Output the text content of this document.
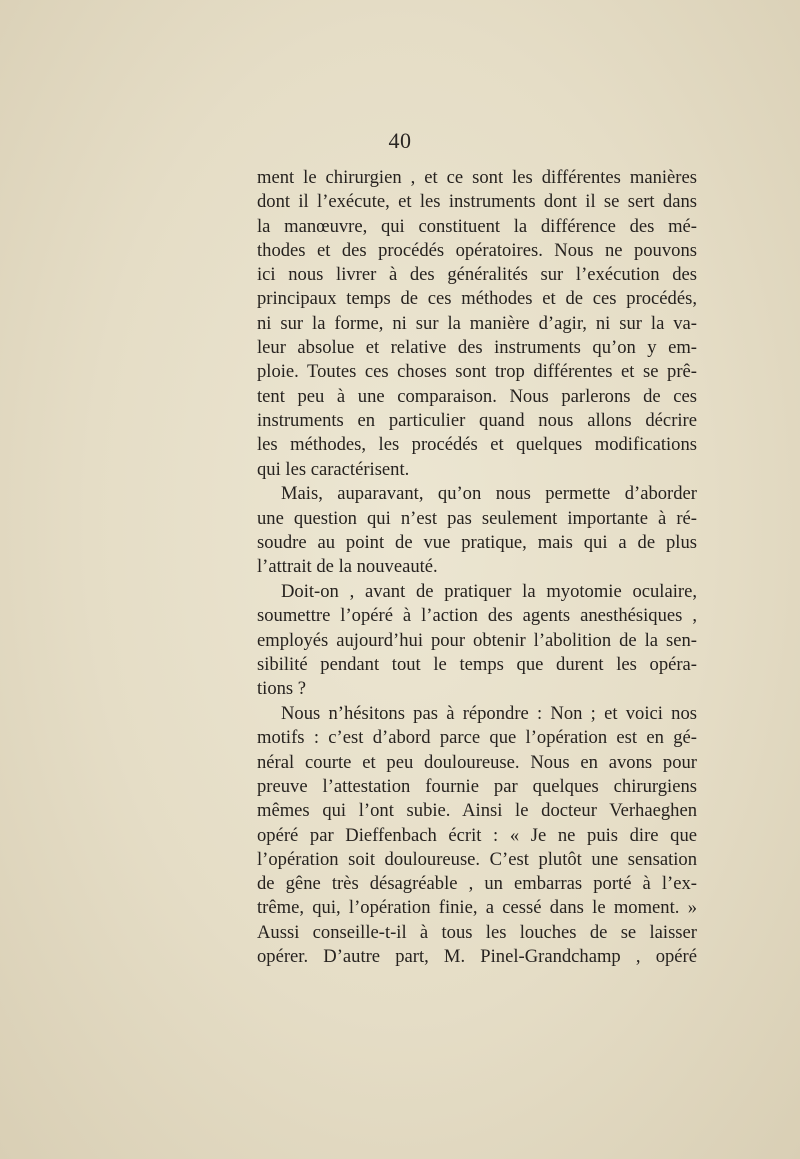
40
ment le chirurgien , et ce sont les différentes manières
dont il l’exécute, et les instruments dont il se sert dans
la manœuvre, qui constituent la différence des mé-
thodes et des procédés opératoires. Nous ne pouvons
ici nous livrer à des généralités sur l’exécution des
principaux temps de ces méthodes et de ces procédés,
ni sur la forme, ni sur la manière d’agir, ni sur la va-
leur absolue et relative des instruments qu’on y em-
ploie. Toutes ces choses sont trop différentes et se prê-
tent peu à une comparaison. Nous parlerons de ces
instruments en particulier quand nous allons décrire
les méthodes, les procédés et quelques modifications
qui les caractérisent.
Mais, auparavant, qu’on nous permette d’aborder
une question qui n’est pas seulement importante à ré-
soudre au point de vue pratique, mais qui a de plus
l’attrait de la nouveauté.
Doit-on , avant de pratiquer la myotomie oculaire,
soumettre l’opéré à l’action des agents anesthésiques ,
employés aujourd’hui pour obtenir l’abolition de la sen-
sibilité pendant tout le temps que durent les opéra-
tions ?
Nous n’hésitons pas à répondre : Non ; et voici nos
motifs : c’est d’abord parce que l’opération est en gé-
néral courte et peu douloureuse. Nous en avons pour
preuve l’attestation fournie par quelques chirurgiens
mêmes qui l’ont subie. Ainsi le docteur Verhaeghen
opéré par Dieffenbach écrit : « Je ne puis dire que
l’opération soit douloureuse. C’est plutôt une sensation
de gêne très désagréable , un embarras porté à l’ex-
trême, qui, l’opération finie, a cessé dans le moment. »
Aussi conseille-t-il à tous les louches de se laisser
opérer. D’autre part, M. Pinel-Grandchamp , opéré
